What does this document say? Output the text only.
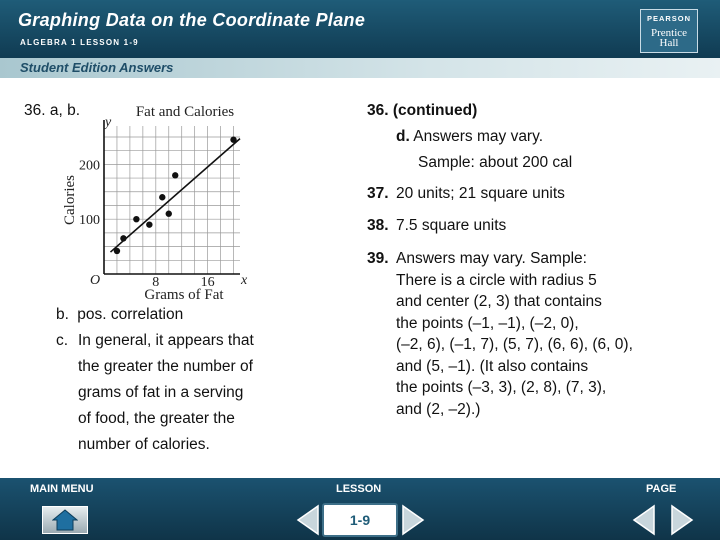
Graphing Data on the Coordinate Plane
ALGEBRA 1 LESSON 1-9
PEARSON
Prentice
Hall
Student Edition Answers
36. a, b.	Fat and Calories
y
x
O
Grams of Fat
Calories
8	16
100
200
b. pos. correlation
c. In general, it appears that
the greater the number of
grams of fat in a serving
of food, the greater the
number of calories.
36. (continued)
d. Answers may vary.
Sample: about 200 cal
37. 20 units; 21 square units
38. 7.5 square units
39. Answers may vary. Sample:
There is a circle with radius 5
and center (2, 3) that contains
the points (–1, –1), (–2, 0),
(–2, 6), (–1, 7), (5, 7), (6, 6), (6, 0),
and (5, –1). (It also contains
the points (–3, 3), (2, 8), (7, 3),
and (2, –2).)
MAIN MENU	LESSON	PAGE
1-9
